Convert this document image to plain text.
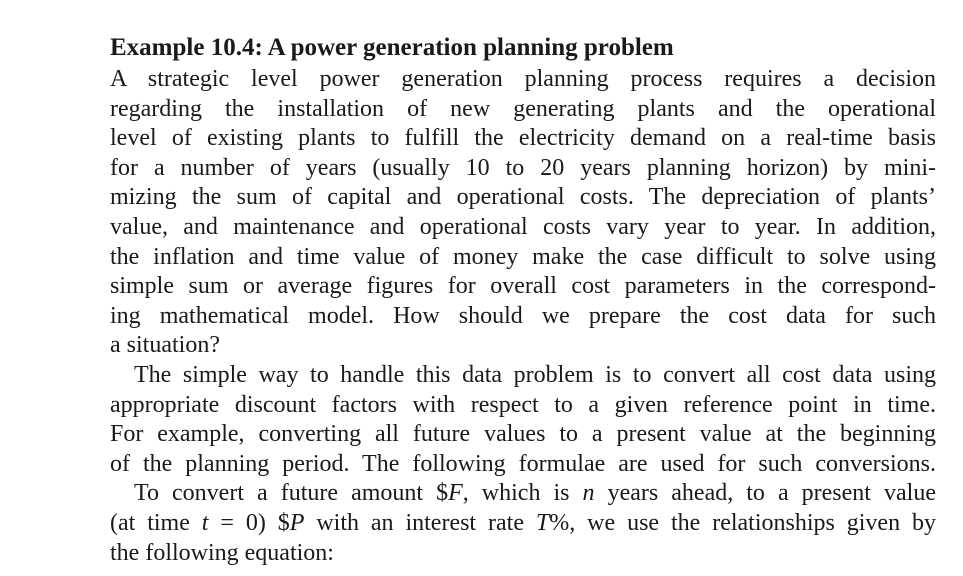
Example 10.4: A power generation planning problem
A strategic level power generation planning process requires a decision
regarding the installation of new generating plants and the operational
level of existing plants to fulfill the electricity demand on a real-time basis
for a number of years (usually 10 to 20 years planning horizon) by mini-
mizing the sum of capital and operational costs. The depreciation of plants’
value, and maintenance and operational costs vary year to year. In addition,
the inflation and time value of money make the case difficult to solve using
simple sum or average figures for overall cost parameters in the correspond-
ing mathematical model. How should we prepare the cost data for such
a situation?
The simple way to handle this data problem is to convert all cost data using
appropriate discount factors with respect to a given reference point in time.
For example, converting all future values to a present value at the beginning
of the planning period. The following formulae are used for such conversions.
To convert a future amount $F, which is n years ahead, to a present value
(at time t = 0) $P with an interest rate T%, we use the relationships given by
the following equation:
